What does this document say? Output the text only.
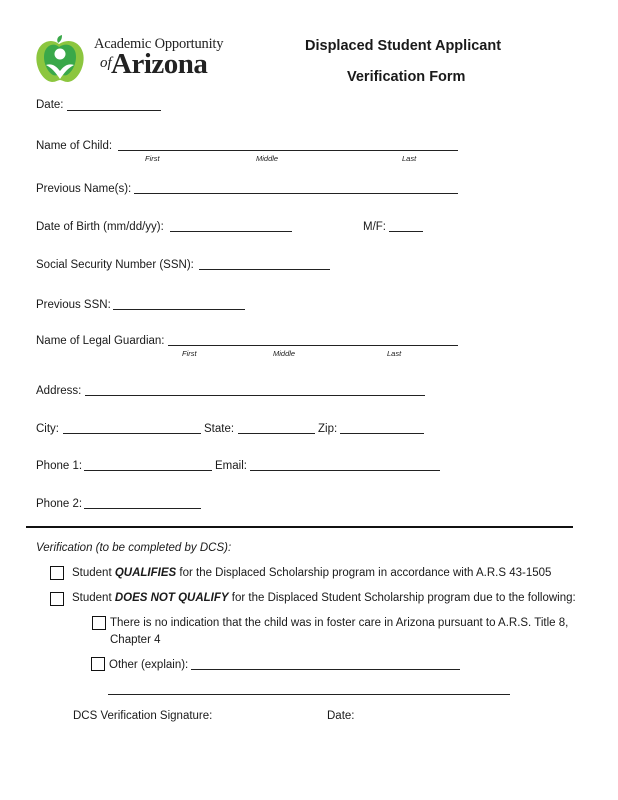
Academic Opportunity
of Arizona
Displaced Student Applicant
Verification Form
Date:
Name of Child:
First	Middle	Last
Previous Name(s):
Date of Birth (mm/dd/yy):	M/F:
Social Security Number (SSN):
Previous SSN:
Name of Legal Guardian:
First	Middle	Last
Address:
City:	State:	Zip:
Phone 1:	Email:
Phone 2:
Verification (to be completed by DCS):
Student QUALIFIES for the Displaced Scholarship program in accordance with A.R.S 43-1505
Student DOES NOT QUALIFY for the Displaced Student Scholarship program due to the following:
There is no indication that the child was in foster care in Arizona pursuant to A.R.S. Title 8,
Chapter 4
Other (explain):
DCS Verification Signature:	Date:
